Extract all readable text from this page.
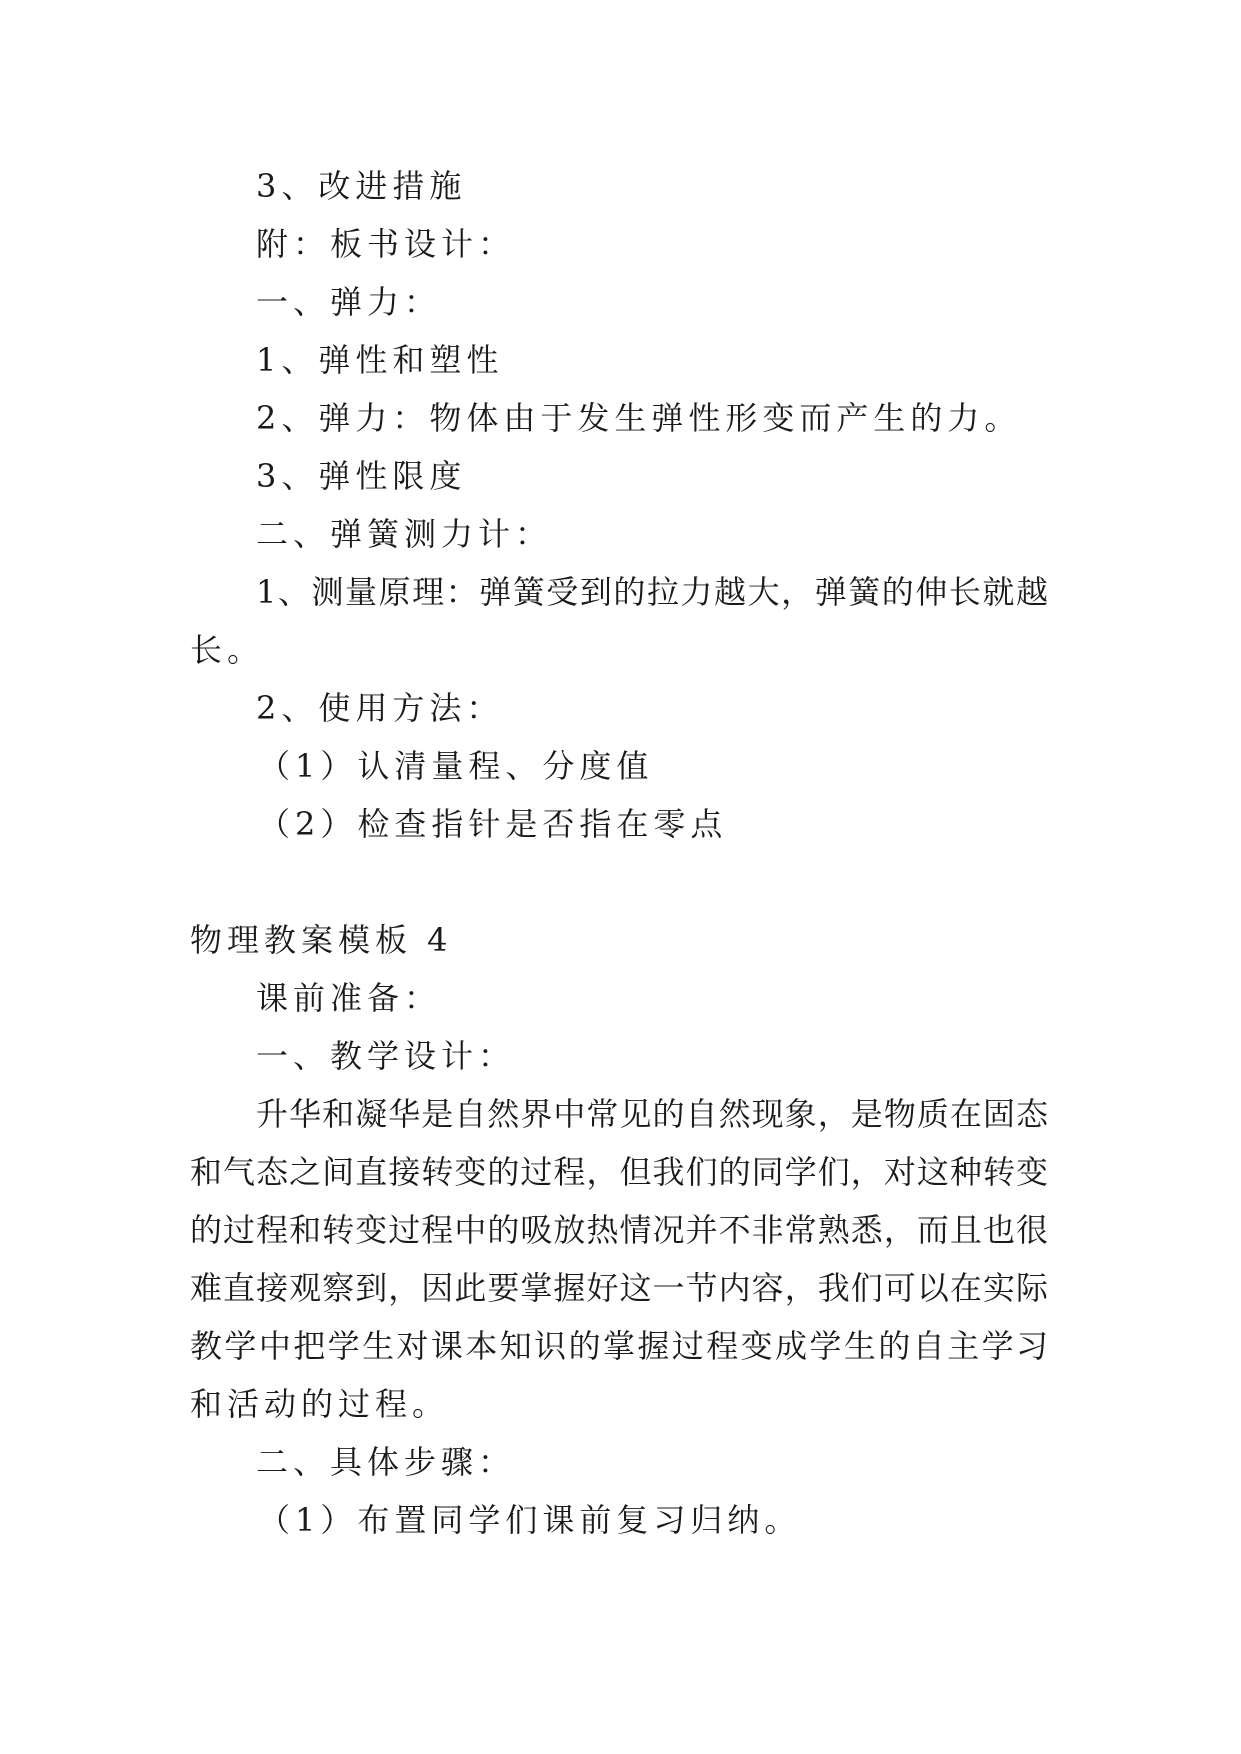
3、改进措施
附：板书设计：
一、弹力：
1、弹性和塑性
2、弹力：物体由于发生弹性形变而产生的力。
3、弹性限度
二、弹簧测力计：
1、测量原理：弹簧受到的拉力越大，弹簧的伸长就越
长。
2、使用方法：
（1）认清量程、分度值
（2）检查指针是否指在零点
物理教案模板 4
课前准备：
一、教学设计：
升华和凝华是自然界中常见的自然现象，是物质在固态
和气态之间直接转变的过程，但我们的同学们，对这种转变
的过程和转变过程中的吸放热情况并不非常熟悉，而且也很
难直接观察到，因此要掌握好这一节内容，我们可以在实际
教学中把学生对课本知识的掌握过程变成学生的自主学习
和活动的过程。
二、具体步骤：
（1）布置同学们课前复习归纳。
